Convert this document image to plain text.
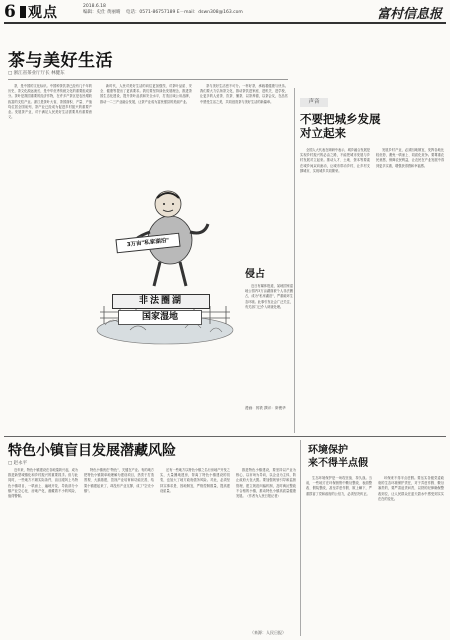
6 观点	2018.6.18
编辑：史仕 黄丽晴 电话：0571-86757189 E－mail：dswn308@163.com	富村信息报
茶与美好生活
□ 浙江省茶业厅厅长 林健东

茶，是中国的文化标识。中国种茶饮茶已经有几千年的历史，茶文化源远流长，是中华优秀传统文化的重要组成部分。茶叶是我国重要的经济作物，在许多产茶区是农民增收致富的支柱产业。浙江是茶叶大省，茶园面积、产量、产值均位居全国前列，茶产业已经成为促进乡村振兴的重要产业。发展茶产业，对于满足人民美好生活需要具有重要意义。

新时代，人民对美好生活的向往更加强烈，对茶叶品质、安全、健康等提出了更高要求。我们要坚持绿色发展理念，推进茶园生态化建设，提升茶叶品质和安全水平，打造区域公用品牌，推动一二三产业融合发展，让茶产业成为富民强县的美丽产业。

茶与美好生活密不可分。一杯好茶，承载着健康与快乐。我们要大力弘扬茶文化，推动茶饮进家庭、进机关、进学校，让更多的人爱茶、饮茶、懂茶，以茶养德，以茶会友，在品茗中感受生活之美，共同创造茶与美好生活的新篇章。	声音
不要把城乡发展
对立起来

全国人大代表在调研中表示，城乡融合发展是实现乡村振兴的必由之路，不能把城市发展与乡村发展对立起来。推动人才、土地、资本等要素在城乡间双向流动，让城市带动乡村，让乡村支撑城市，实现城乡共同繁荣。

发展乡村产业，必须因地制宜，发挥各地比较优势，避免一哄而上、同质化竞争。要尊重农民意愿，保障农民利益，让农民在产业发展中得到更多实惠，增强获得感和幸福感。

3万亩"私家湖泊"
非法圈湖
国家湿地
侵占

近日有媒体报道，某地国家湿地公园内3万亩湖面被个人非法圈占，成为"私家湖泊"，严重破坏生态环境。此事引发社会广泛关注，有关部门已介入调查处理。

漫画：郭铁 撰评：廖俊华
特色小镇盲目发展潜藏风险
□ 赵永平

近年来，特色小镇建设在各地蓬勃兴起，成为推进新型城镇化和乡村振兴的重要抓手。但与此同时，一些地方不顾实际条件，盲目跟风上马特色小镇项目，一哄而上、遍地开花，导致部分小镇产业空心化、房地产化，潜藏着不小的风险，值得警惕。

特色小镇贵在"特色"，关键在产业。有的地方把特色小镇简单地理解为建设项目，热衷于打造景观、大搞基建，忽视产业培育和功能完善，结果小镇建起来了，却没有产业支撑，成了"空壳小镇"。

还有一些地方以特色小镇之名行房地产开发之实，大量圈地建房，背离了特色小镇建设的初衷，也加大了地方政府债务风险。对此，必须坚持实事求是、因地制宜，严格控制数量，提高建设质量。

推进特色小镇建设，要坚持以产业为核心，以市场为导向，以企业为主体，防止政府大包大揽。要加强规划引导和监督管理，建立规范纠偏机制，及时淘汰整改不合格的小镇，推动特色小镇高质量健康发展。（作者为人民日报记者）

（来源：人民日报）
环境保护
来不得半点假

生态环境保护是一场攻坚战、持久战。当前，一些地方在环保督察中敷衍整改、表面整改、假装整改，甚至弄虚作假、欺上瞒下，严重损害了党和政府的公信力，必须坚决纠正。

环保来不得半点虚假。要压实各级党委政府的生态环境保护责任，对于弄虚作假、敷衍塞责的，要严肃追责问责，以铁的纪律确保整改到位，让人民群众在蓝天碧水中感受到实实在在的变化。
